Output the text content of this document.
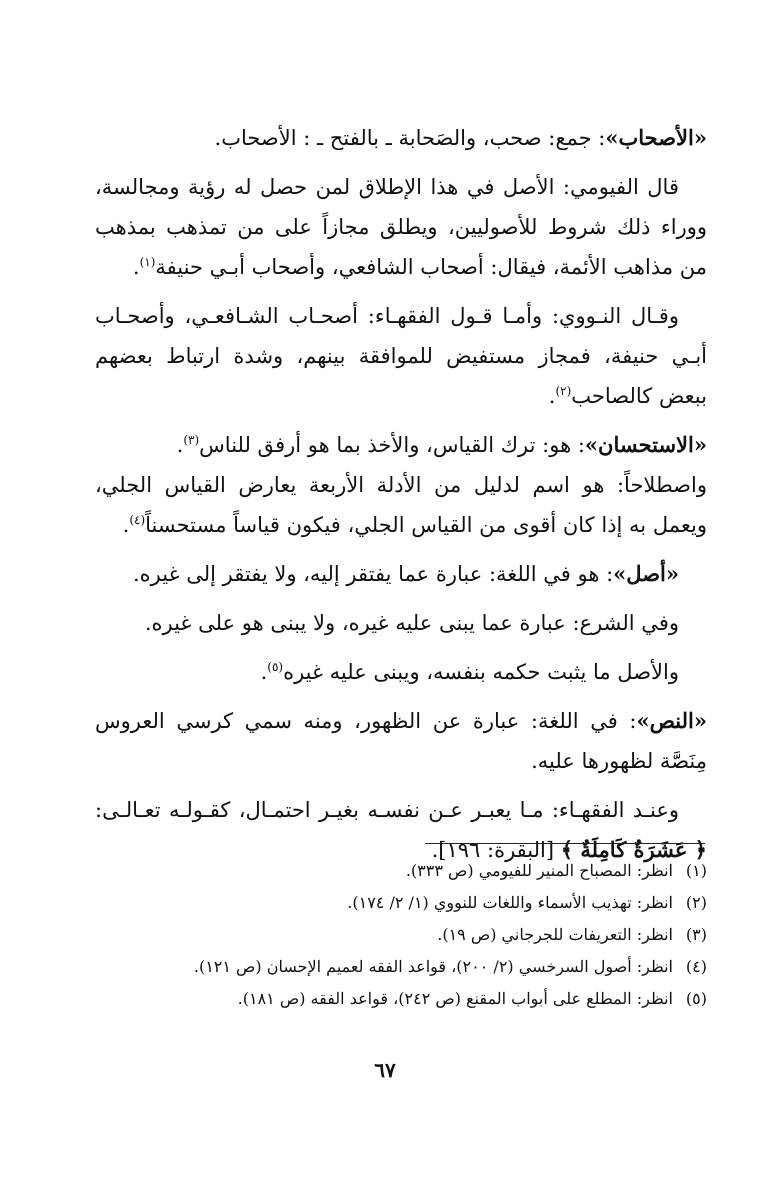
«الأصحاب»: جمع: صحب، والصَحابة ـ بالفتح ـ : الأصحاب.

قال الفيومي: الأصل في هذا الإطلاق لمن حصل له رؤية ومجالسة، ووراء ذلك شروط للأصوليين، ويطلق مجازاً على من تمذهب بمذهب من مذاهب الأئمة، فيقال: أصحاب الشافعي، وأصحاب أبـي حنيفة$^{(١)}$.

وقـال النـووي: وأمـا قـول الفقهـاء: أصحـاب الشـافعـي، وأصحـاب أبـي حنيفة، فمجاز مستفيض للموافقة بينهم، وشدة ارتباط بعضهم ببعض كالصاحب$^{(٢)}$.

«الاستحسان»: هو: ترك القياس، والأخذ بما هو أرفق للناس$^{(٣)}$.
واصطلاحاً: هو اسم لدليل من الأدلة الأربعة يعارض القياس الجلي، ويعمل به إذا كان أقوى من القياس الجلي، فيكون قياساً مستحسناً$^{(٤)}$.

«أصل»: هو في اللغة: عبارة عما يفتقر إليه، ولا يفتقر إلى غيره.

وفي الشرع: عبارة عما يبنى عليه غيره، ولا يبنى هو على غيره.

والأصل ما يثبت حكمه بنفسه، ويبنى عليه غيره$^{(٥)}$.

«النص»: في اللغة: عبارة عن الظهور، ومنه سمي كرسي العروس مِنَصَّة لظهورها عليه.

وعنـد الفقهـاء: مـا يعبـر عـن نفسـه بغيـر احتمـال، كقـولـه تعـالـى: ﴿ عَشَرَةٌ كَامِلَةٌ ﴾ [البقرة: ١٩٦].

(١)انظر: المصباح المنير للفيومي (ص ٣٣٣).
(٢)انظر: تهذيب الأسماء واللغات للنووي (١/ ٢/ ١٧٤).
(٣)انظر: التعريفات للجرجاني (ص ١٩).
(٤)انظر: أصول السرخسي (٢/ ٢٠٠)، قواعد الفقه لعميم الإحسان (ص ١٢١).
(٥)انظر: المطلع على أبواب المقنع (ص ٢٤٢)، قواعد الفقه (ص ١٨١).
٦٧
